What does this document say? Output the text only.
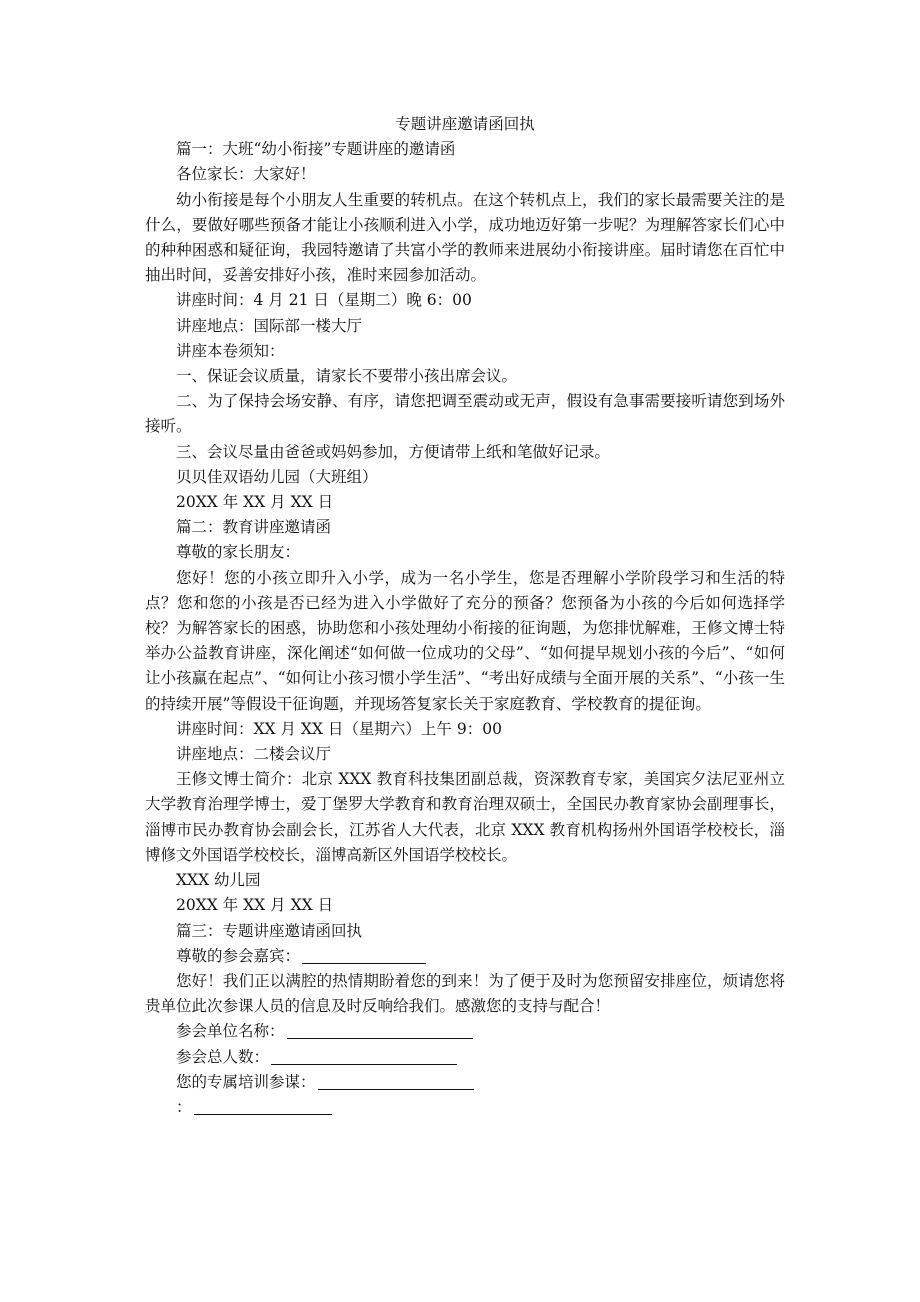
专题讲座邀请函回执

篇一：大班“幼小衔接”专题讲座的邀请函

各位家长：大家好！

幼小衔接是每个小朋友人生重要的转机点。在这个转机点上，我们的家长最需要关注的是什么，要做好哪些预备才能让小孩顺利进入小学，成功地迈好第一步呢？为理解答家长们心中的种种困惑和疑征询，我园特邀请了共富小学的教师来进展幼小衔接讲座。届时请您在百忙中抽出时间，妥善安排好小孩，准时来园参加活动。

讲座时间：4 月 21 日（星期二）晚 6：00

讲座地点：国际部一楼大厅

讲座本卷须知：

一、保证会议质量，请家长不要带小孩出席会议。

二、为了保持会场安静、有序，请您把调至震动或无声，假设有急事需要接听请您到场外接听。

三、会议尽量由爸爸或妈妈参加，方便请带上纸和笔做好记录。

贝贝佳双语幼儿园（大班组）

20XX 年 XX 月 XX 日

篇二：教育讲座邀请函

尊敬的家长朋友：

您好！您的小孩立即升入小学，成为一名小学生，您是否理解小学阶段学习和生活的特点？您和您的小孩是否已经为进入小学做好了充分的预备？您预备为小孩的今后如何选择学校？为解答家长的困惑，协助您和小孩处理幼小衔接的征询题，为您排忧解难，王修文博士特举办公益教育讲座，深化阐述“如何做一位成功的父母”、“如何提早规划小孩的今后”、“如何让小孩赢在起点”、“如何让小孩习惯小学生活”、“考出好成绩与全面开展的关系”、“小孩一生的持续开展”等假设干征询题，并现场答复家长关于家庭教育、学校教育的提征询。

讲座时间：XX 月 XX 日（星期六）上午 9：00

讲座地点：二楼会议厅

王修文博士简介：北京 XXX 教育科技集团副总裁，资深教育专家，美国宾夕法尼亚州立大学教育治理学博士，爱丁堡罗大学教育和教育治理双硕士，全国民办教育家协会副理事长，淄博市民办教育协会副会长，江苏省人大代表，北京 XXX 教育机构扬州外国语学校校长，淄博修文外国语学校校长，淄博高新区外国语学校校长。

XXX 幼儿园

20XX 年 XX 月 XX 日

篇三：专题讲座邀请函回执

尊敬的参会嘉宾：

您好！我们正以满腔的热情期盼着您的到来！为了便于及时为您预留安排座位，烦请您将贵单位此次参课人员的信息及时反响给我们。感激您的支持与配合！

参会单位名称：

参会总人数：

您的专属培训参谋：

：
